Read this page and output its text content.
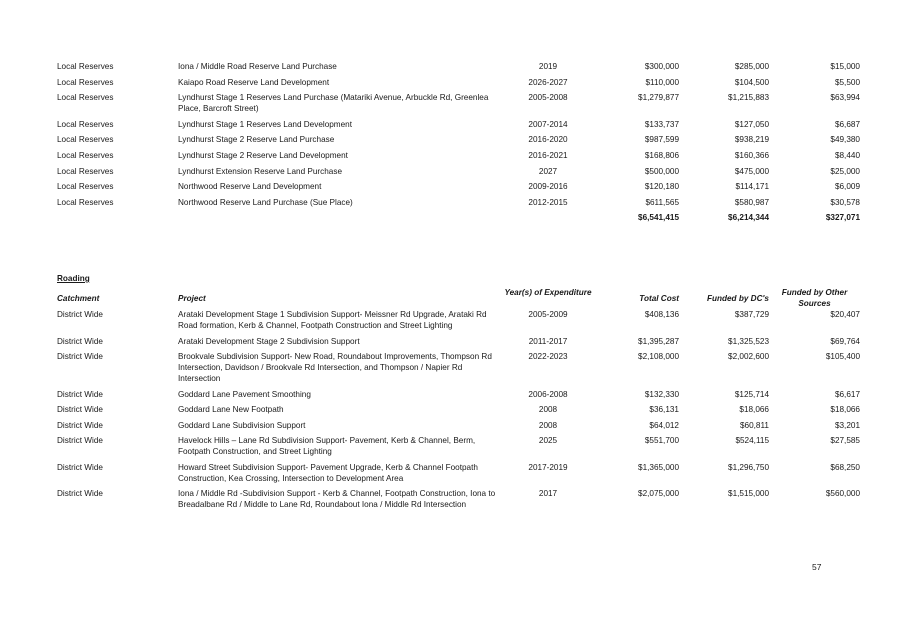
Local Reserves	Iona / Middle Road Reserve Land Purchase	2019	$300,000	$285,000	$15,000
Local Reserves	Kaiapo Road Reserve Land Development	2026-2027	$110,000	$104,500	$5,500
Local Reserves	Lyndhurst Stage 1 Reserves Land Purchase (Matariki Avenue, Arbuckle Rd, Greenlea Place, Barcroft Street)	2005-2008	$1,279,877	$1,215,883	$63,994
Local Reserves	Lyndhurst Stage 1 Reserves Land Development	2007-2014	$133,737	$127,050	$6,687
Local Reserves	Lyndhurst Stage 2 Reserve Land Purchase	2016-2020	$987,599	$938,219	$49,380
Local Reserves	Lyndhurst Stage 2 Reserve Land Development	2016-2021	$168,806	$160,366	$8,440
Local Reserves	Lyndhurst Extension Reserve Land Purchase	2027	$500,000	$475,000	$25,000
Local Reserves	Northwood Reserve Land Development	2009-2016	$120,180	$114,171	$6,009
Local Reserves	Northwood Reserve Land Purchase (Sue Place)	2012-2015	$611,565	$580,987	$30,578
			$6,541,415	$6,214,344	$327,071
Roading
Catchment	Project	Year(s) of Expenditure	Total Cost	Funded by DC's	Funded by Other Sources
District Wide	Arataki Development Stage 1 Subdivision Support- Meissner Rd Upgrade, Arataki Rd Road formation, Kerb & Channel, Footpath Construction and Street Lighting	2005-2009	$408,136	$387,729	$20,407
District Wide	Arataki Development Stage 2 Subdivision Support	2011-2017	$1,395,287	$1,325,523	$69,764
District Wide	Brookvale Subdivision Support- New Road, Roundabout Improvements, Thompson Rd Intersection, Davidson / Brookvale Rd Intersection, and Thompson / Napier Rd Intersection	2022-2023	$2,108,000	$2,002,600	$105,400
District Wide	Goddard Lane Pavement Smoothing	2006-2008	$132,330	$125,714	$6,617
District Wide	Goddard Lane New Footpath	2008	$36,131	$18,066	$18,066
District Wide	Goddard Lane Subdivision Support	2008	$64,012	$60,811	$3,201
District Wide	Havelock Hills – Lane Rd Subdivision Support- Pavement, Kerb & Channel, Berm, Footpath Construction, and Street Lighting	2025	$551,700	$524,115	$27,585
District Wide	Howard Street Subdivision Support- Pavement Upgrade, Kerb & Channel Footpath Construction, Kea Crossing, Intersection to Development Area	2017-2019	$1,365,000	$1,296,750	$68,250
District Wide	Iona / Middle Rd -Subdivision Support - Kerb & Channel, Footpath Construction, Iona to Breadalbane Rd / Middle to Lane Rd, Roundabout Iona / Middle Rd Intersection	2017	$2,075,000	$1,515,000	$560,000
57
